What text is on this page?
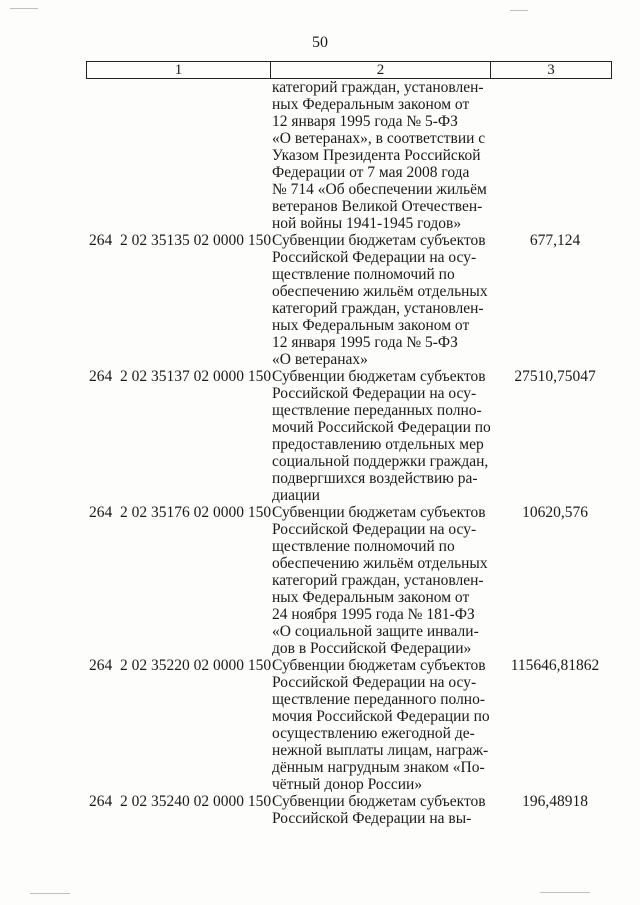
50
1	2	3
категорий граждан, установлен-
ных Федеральным законом от
12 января 1995 года № 5-ФЗ
«О ветеранах», в соответствии с
Указом Президента Российской
Федерации от 7 мая 2008 года
№ 714 «Об обеспечении жильём
ветеранов Великой Отечествен-
ной войны 1941-1945 годов»
264  2 02 35135 02 0000 150 Субвенции бюджетам субъектов
Российской Федерации на осу-
ществление полномочий по
обеспечению жильём отдельных
категорий граждан, установлен-
ных Федеральным законом от
12 января 1995 года № 5-ФЗ
«О ветеранах»
677,124
264  2 02 35137 02 0000 150 Субвенции бюджетам субъектов
Российской Федерации на осу-
ществление переданных полно-
мочий Российской Федерации по
предоставлению отдельных мер
социальной поддержки граждан,
подвергшихся воздействию ра-
диации
27510,75047
264  2 02 35176 02 0000 150 Субвенции бюджетам субъектов
Российской Федерации на осу-
ществление полномочий по
обеспечению жильём отдельных
категорий граждан, установлен-
ных Федеральным законом от
24 ноября 1995 года № 181-ФЗ
«О социальной защите инвали-
дов в Российской Федерации»
10620,576
264  2 02 35220 02 0000 150 Субвенции бюджетам субъектов
Российской Федерации на осу-
ществление переданного полно-
мочия Российской Федерации по
осуществлению ежегодной де-
нежной выплаты лицам, награж-
дённым нагрудным знаком «По-
чётный донор России»
115646,81862
264  2 02 35240 02 0000 150 Субвенции бюджетам субъектов
Российской Федерации на вы-
196,48918
